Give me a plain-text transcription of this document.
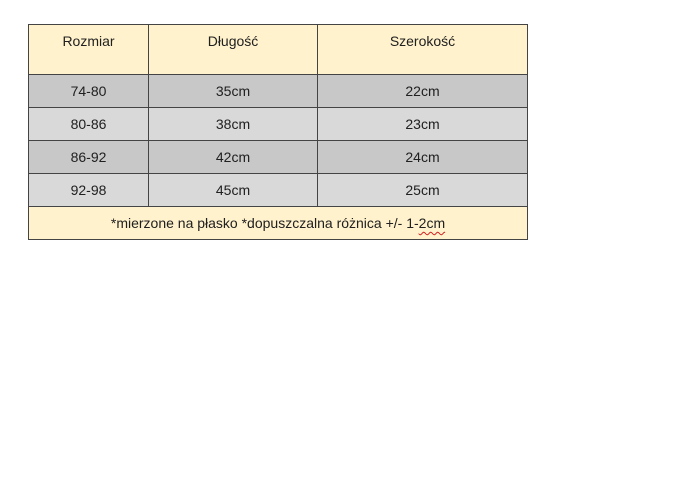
Rozmiar	Długość	Szerokość
74-80	35cm	22cm
80-86	38cm	23cm
86-92	42cm	24cm
92-98	45cm	25cm
*mierzone na płasko *dopuszczalna różnica +/- 1-2cm		
